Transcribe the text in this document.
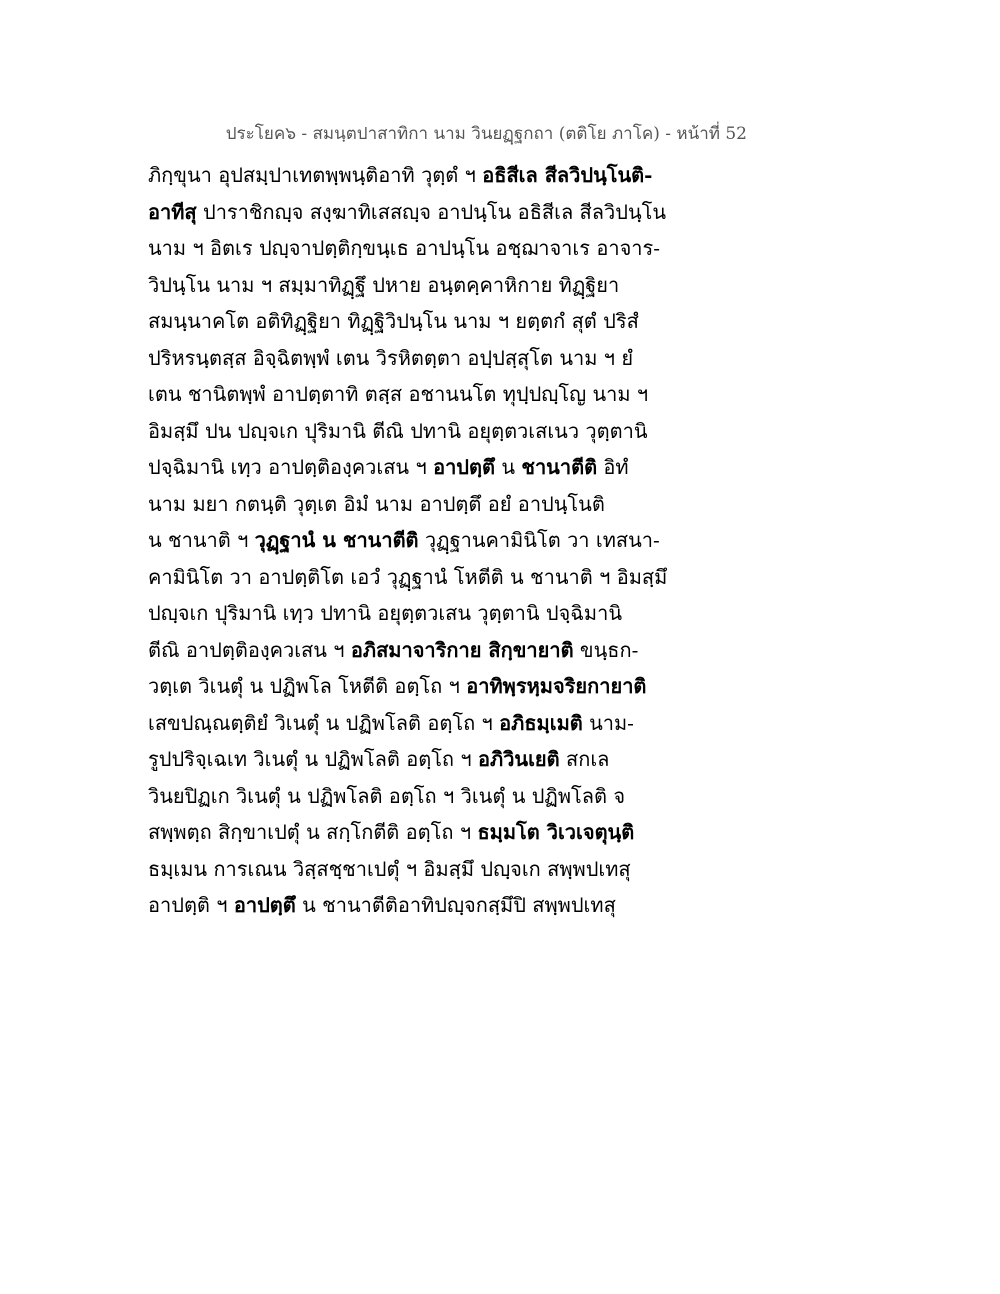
ประโยค๖ - สมนฺตปาสาทิกา นาม วินยฏฺฐกถา (ตติโย ภาโค) - หน้าที่ 52
ภิกฺขุนา อุปสมฺปาเทตพฺพนฺติอาทิ วุตฺตํ ฯ อธิสีเล สีลวิปนฺโนติ-
อาทีสุ ปาราชิกญฺจ สงฺฆาทิเสสญฺจ อาปนฺโน อธิสีเล สีลวิปนฺโน
นาม ฯ อิตเร ปญฺจาปตฺติกฺขนฺเธ อาปนฺโน อชฺฌาจาเร อาจาร-
วิปนฺโน นาม ฯ สมฺมาทิฏฺฐึ ปหาย อนฺตคฺคาหิกาย ทิฏฺฐิยา
สมนฺนาคโต อติทิฏฺฐิยา ทิฏฺฐิวิปนฺโน นาม ฯ ยตฺตกํ สุตํ ปริสํ
ปริหรนฺตสฺส อิจฺฉิตพฺพํ เตน วิรหิตตฺตา อปฺปสฺสุโต นาม ฯ ยํ
เตน ชานิตพฺพํ อาปตฺตาทิ ตสฺส อชานนโต ทุปฺปญฺโญ นาม ฯ
อิมสฺมึ ปน ปญฺจเก ปุริมานิ ตีณิ ปทานิ อยุตฺตวเสเนว วุตฺตานิ
ปจฺฉิมานิ เทฺว อาปตฺติองฺควเสน ฯ อาปตฺตึ น ชานาตีติ อิทํ
นาม มยา กตนฺติ วุตฺเต อิมํ นาม อาปตฺตึ อยํ อาปนฺโนติ
น ชานาติ ฯ วุฏฺฐานํ น ชานาตีติ วุฏฺฐานคามินิโต วา เทสนา-
คามินิโต วา อาปตฺติโต เอวํ วุฏฺฐานํ โหตีติ น ชานาติ ฯ อิมสฺมึ
ปญฺจเก ปุริมานิ เทฺว ปทานิ อยุตฺตวเสน วุตฺตานิ ปจฺฉิมานิ
ตีณิ อาปตฺติองฺควเสน ฯ อภิสมาจาริกาย สิกฺขายาติ ขนฺธก-
วตฺเต วิเนตุํ น ปฏิพโล โหตีติ อตฺโถ ฯ อาทิพฺรหฺมจริยกายาติ
เสขปณฺณตฺติยํ วิเนตุํ น ปฏิพโลติ อตฺโถ ฯ อภิธมฺเมติ นาม-
รูปปริจฺเฉเท วิเนตุํ น ปฏิพโลติ อตฺโถ ฯ อภิวินเยติ สกเล
วินยปิฏเก วิเนตุํ น ปฏิพโลติ อตฺโถ ฯ วิเนตุํ น ปฏิพโลติ จ
สพฺพตฺถ สิกฺขาเปตุํ น สกฺโกตีติ อตฺโถ ฯ ธมฺมโต วิเวเจตุนฺติ
ธมฺเมน การเณน วิสฺสชฺชาเปตุํ ฯ อิมสฺมึ ปญฺจเก สพฺพปเทสุ
อาปตฺติ ฯ อาปตฺตึ น ชานาตีติอาทิปญฺจกสฺมึปิ สพฺพปเทสุ
